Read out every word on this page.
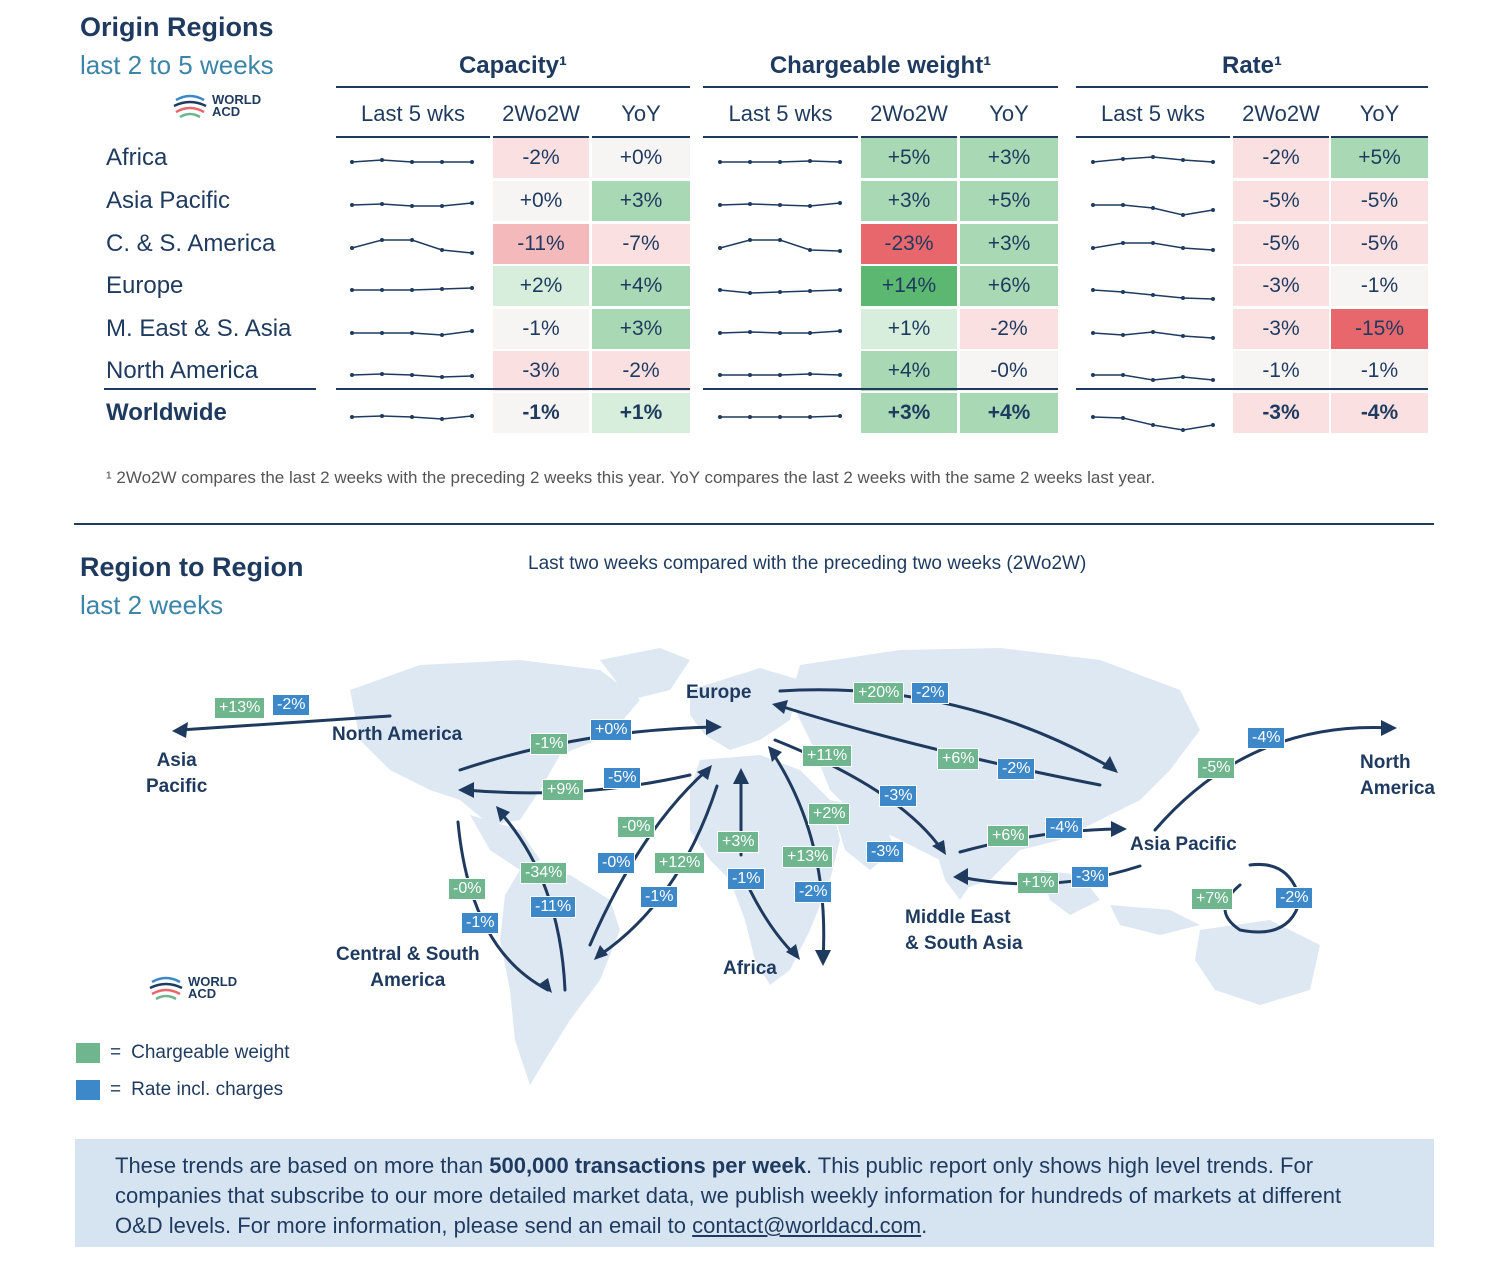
Origin Regions
last 2 to 5 weeks
WORLD ACD
Capacity¹	Chargeable weight¹	Rate¹
Last 5 wks	2Wo2W	YoY	Last 5 wks	2Wo2W	YoY	Last 5 wks	2Wo2W	YoY
Africa	-2%	+0%	+5%	+3%	-2%	+5%
Asia Pacific	+0%	+3%	+3%	+5%	-5%	-5%
C. & S. America	-11%	-7%	-23%	+3%	-5%	-5%
Europe	+2%	+4%	+14%	+6%	-3%	-1%
M. East & S. Asia	-1%	+3%	+1%	-2%	-3%	-15%
North America	-3%	-2%	+4%	-0%	-1%	-1%
Worldwide	-1%	+1%	+3%	+4%	-3%	-4%
¹ 2Wo2W compares the last 2 weeks with the preceding 2 weeks this year. YoY compares the last 2 weeks with the same 2 weeks last year.
Region to Region
last 2 weeks
Last two weeks compared with the preceding two weeks (2Wo2W)
Europe
North America
Asia
Pacific
Asia Pacific
North
America
Central & South
America
Africa
Middle East
& South Asia
+13%	-2%
-1%
+0%
+9%
-5%
+20%	-2%
+6%
-2%
+11%
-3%
+2%
-3%
-0%
-0%	+12%
-1%
-34%
-11%
-0%
-1%
+3%
-1%
+13%
-2%
+6%	-4%
+1%	-3%
-5%
-4%
+7%	-2%
WORLD ACD
= Chargeable weight
= Rate incl. charges
These trends are based on more than 500,000 transactions per week. This public report only shows high level trends. For companies that subscribe to our more detailed market data, we publish weekly information for hundreds of markets at different O&D levels. For more information, please send an email to contact@worldacd.com.
